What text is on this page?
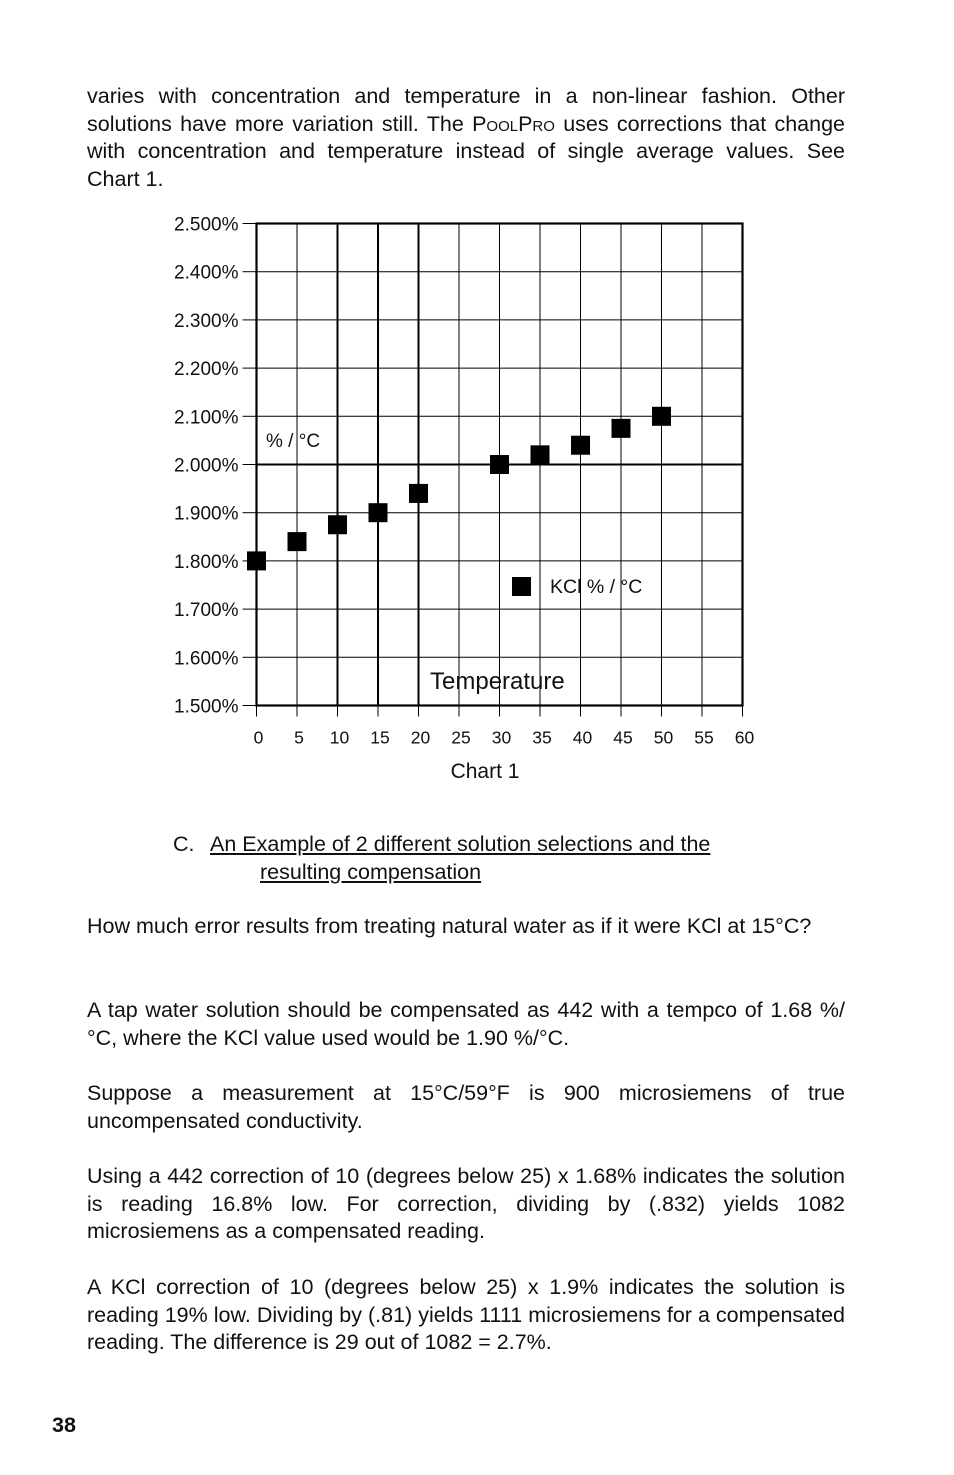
varies with concentration and temperature in a non-linear fashion. Other solutions have more variation still. The PoolPro uses corrections that change with concentration and temperature instead of single average values. See Chart 1.

1.500%
1.600%
1.700%
1.800%
1.900%
2.000%
2.100%
2.200%
2.300%
2.400%
2.500%
0 5 10 15 20 25 30 35 40 45 50 55 60
% / °C
KCl % / °C
Temperature
Chart 1
C. An Example of 2 different solution selections and the
resulting compensation

How much error results from treating natural water as if it were KCl at 15°C?

A tap water solution should be compensated as 442 with a tempco of 1.68 %/°C, where the KCl value used would be 1.90 %/°C.

Suppose a measurement at 15°C/59°F is 900 microsiemens of true uncompensated conductivity.

Using a 442 correction of 10 (degrees below 25) x 1.68% indicates the solution is reading 16.8% low. For correction, dividing by (.832) yields 1082 microsiemens as a compensated reading.

A KCl correction of 10 (degrees below 25) x 1.9% indicates the solution is reading 19% low. Dividing by (.81) yields 1111 microsiemens for a compensated reading. The difference is 29 out of 1082 = 2.7%.

38
